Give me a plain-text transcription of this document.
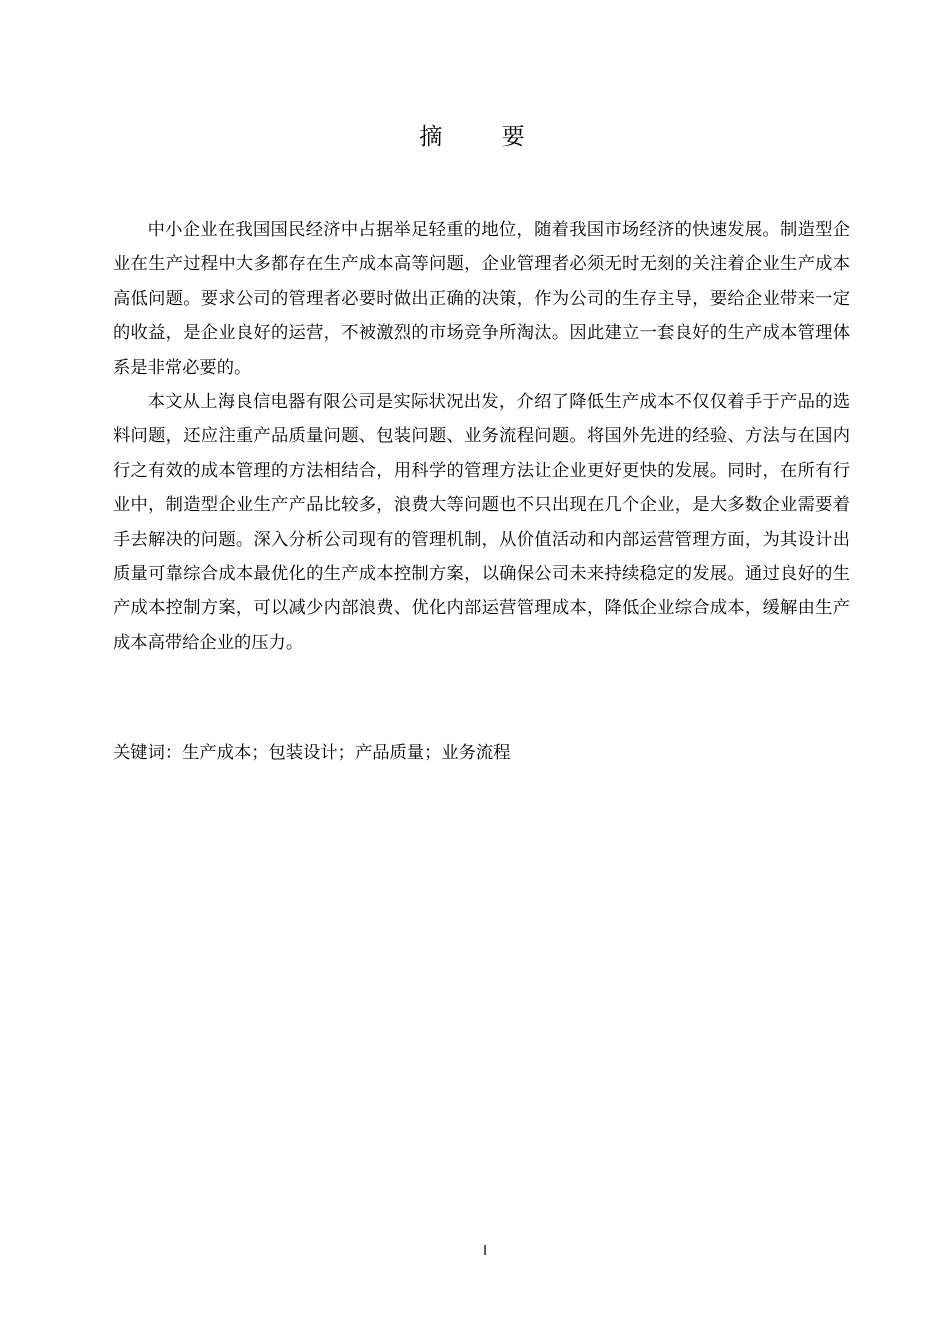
摘 要

中小企业在我国国民经济中占据举足轻重的地位，随着我国市场经济的快速发展。制造型企业在生产过程中大多都存在生产成本高等问题，企业管理者必须无时无刻的关注着企业生产成本高低问题。要求公司的管理者必要时做出正确的决策，作为公司的生存主导，要给企业带来一定的收益，是企业良好的运营，不被激烈的市场竞争所淘汰。因此建立一套良好的生产成本管理体系是非常必要的。

本文从上海良信电器有限公司是实际状况出发，介绍了降低生产成本不仅仅着手于产品的选料问题，还应注重产品质量问题、包装问题、业务流程问题。将国外先进的经验、方法与在国内行之有效的成本管理的方法相结合，用科学的管理方法让企业更好更快的发展。同时，在所有行业中，制造型企业生产产品比较多，浪费大等问题也不只出现在几个企业，是大多数企业需要着手去解决的问题。深入分析公司现有的管理机制，从价值活动和内部运营管理方面，为其设计出质量可靠综合成本最优化的生产成本控制方案，以确保公司未来持续稳定的发展。通过良好的生产成本控制方案，可以减少内部浪费、优化内部运营管理成本，降低企业综合成本，缓解由生产成本高带给企业的压力。

关键词：生产成本；包装设计；产品质量；业务流程
I
